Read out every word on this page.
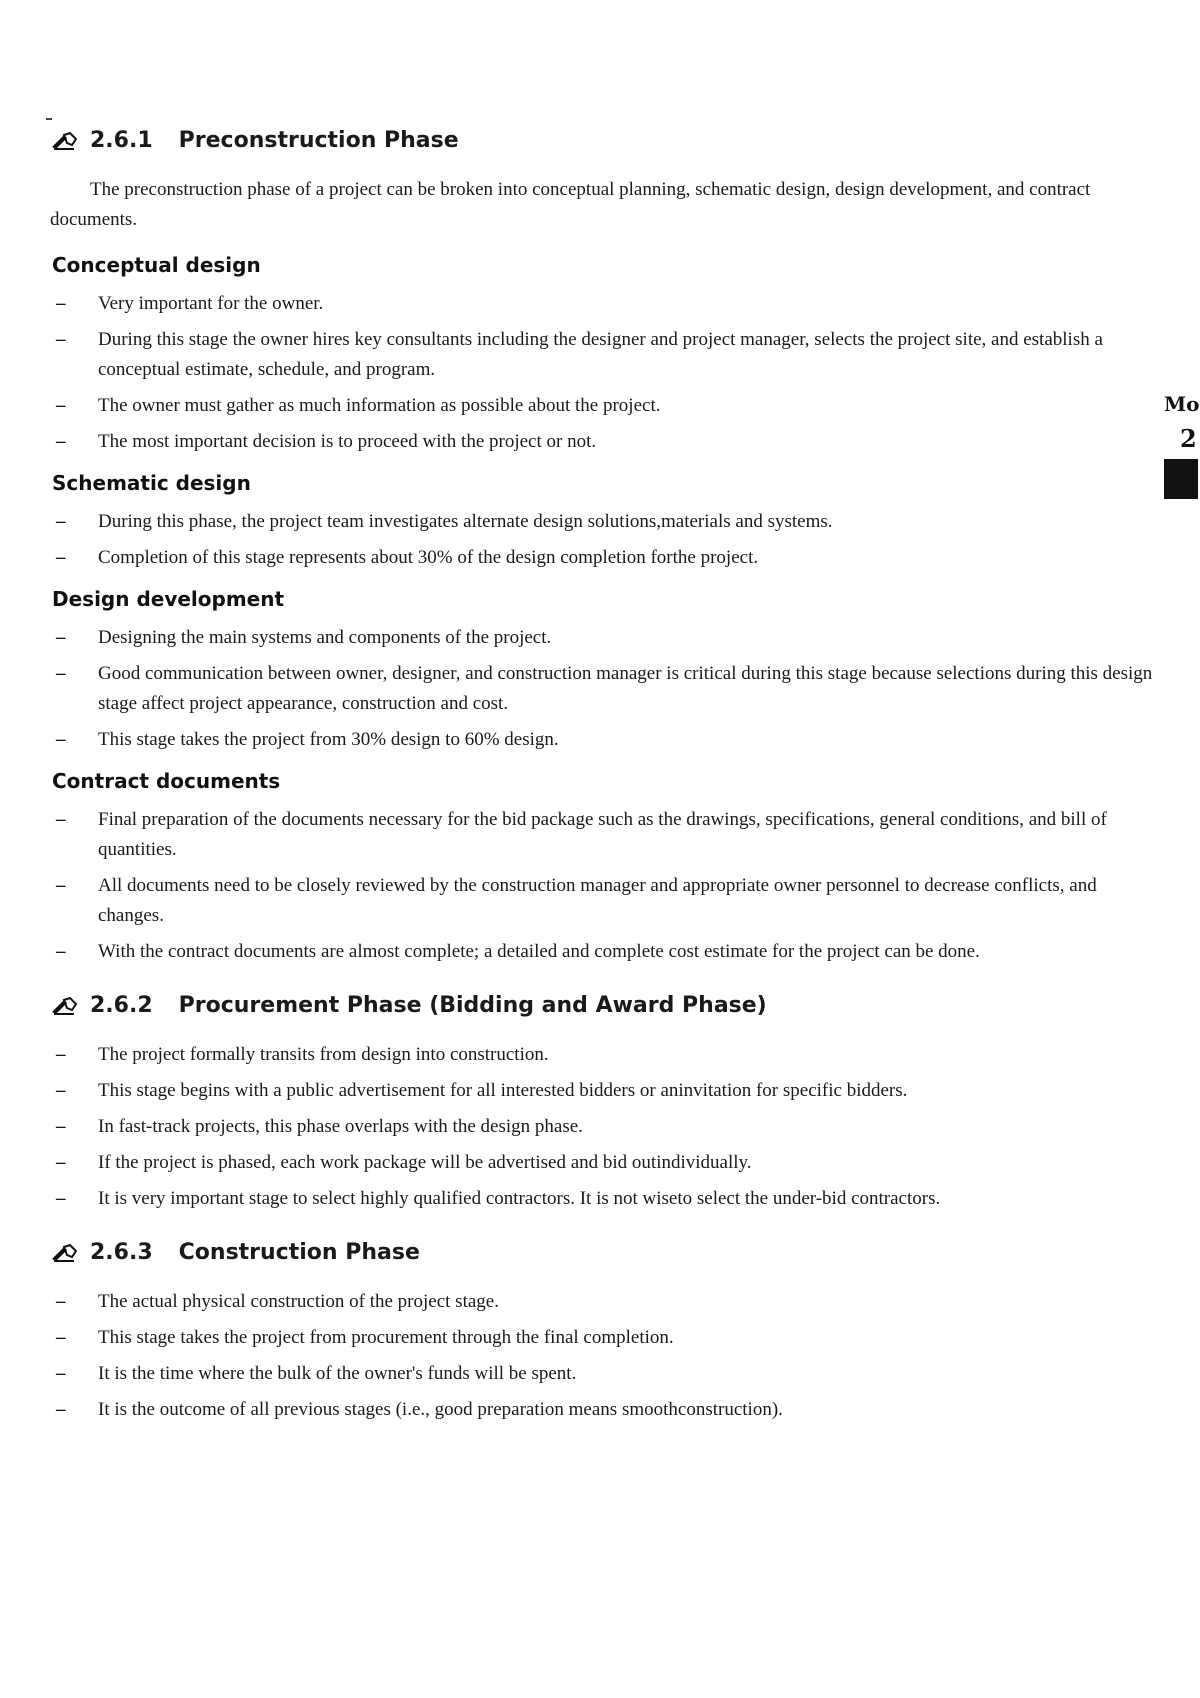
Mo
2
2.6.1 Preconstruction Phase

The preconstruction phase of a project can be broken into conceptual planning, schematic design, design development, and contract documents.

Conceptual design
–	Very important for the owner.
–	During this stage the owner hires key consultants including the designer and project manager, selects the project site, and establish a conceptual estimate, schedule, and program.
–	The owner must gather as much information as possible about the project.
–	The most important decision is to proceed with the project or not.
Schematic design
–	During this phase, the project team investigates alternate design solutions,materials and systems.
–	Completion of this stage represents about 30% of the design completion forthe project.
Design development
–	Designing the main systems and components of the project.
–	Good communication between owner, designer, and construction manager is critical during this stage because selections during this design stage affect project appearance, construction and cost.
–	This stage takes the project from 30% design to 60% design.
Contract documents
–	Final preparation of the documents necessary for the bid package such as the drawings, specifications, general conditions, and bill of quantities.
–	All documents need to be closely reviewed by the construction manager and appropriate owner personnel to decrease conflicts, and changes.
–	With the contract documents are almost complete; a detailed and complete cost estimate for the project can be done.
2.6.2 Procurement Phase (Bidding and Award Phase)
–	The project formally transits from design into construction.
–	This stage begins with a public advertisement for all interested bidders or aninvitation for specific bidders.
–	In fast-track projects, this phase overlaps with the design phase.
–	If the project is phased, each work package will be advertised and bid outindividually.
–	It is very important stage to select highly qualified contractors. It is not wiseto select the under-bid contractors.
2.6.3 Construction Phase
–	The actual physical construction of the project stage.
–	This stage takes the project from procurement through the final completion.
–	It is the time where the bulk of the owner's funds will be spent.
–	It is the outcome of all previous stages (i.e., good preparation means smoothconstruction).
